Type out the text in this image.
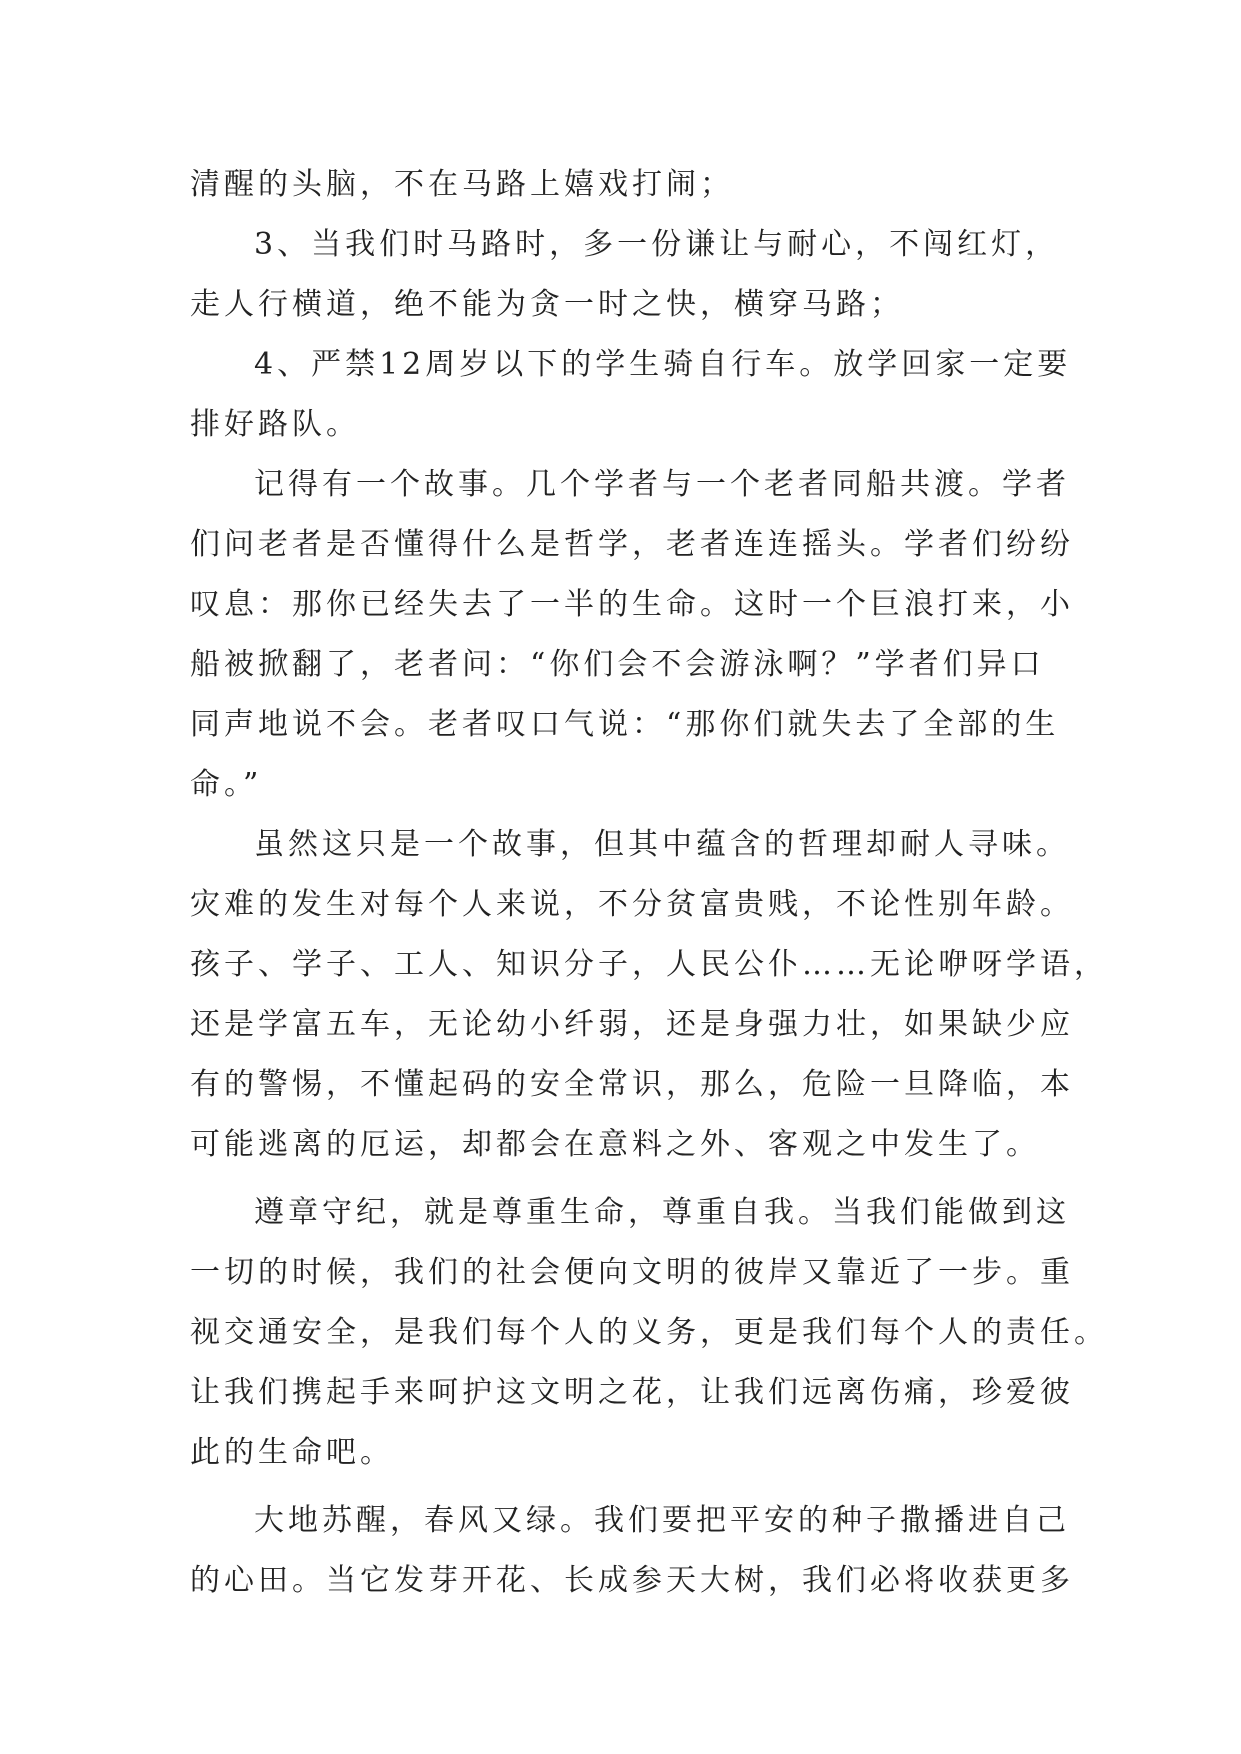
清醒的头脑，不在马路上嬉戏打闹；
3、当我们时马路时，多一份谦让与耐心，不闯红灯，
走人行横道，绝不能为贪一时之快，横穿马路；
4、严禁12周岁以下的学生骑自行车。放学回家一定要
排好路队。
记得有一个故事。几个学者与一个老者同船共渡。学者
们问老者是否懂得什么是哲学，老者连连摇头。学者们纷纷
叹息：那你已经失去了一半的生命。这时一个巨浪打来，小
船被掀翻了，老者问：“你们会不会游泳啊？”学者们异口
同声地说不会。老者叹口气说：“那你们就失去了全部的生
命。”
虽然这只是一个故事，但其中蕴含的哲理却耐人寻味。
灾难的发生对每个人来说，不分贫富贵贱，不论性别年龄。
孩子、学子、工人、知识分子，人民公仆……无论咿呀学语，
还是学富五车，无论幼小纤弱，还是身强力壮，如果缺少应
有的警惕，不懂起码的安全常识，那么，危险一旦降临，本
可能逃离的厄运，却都会在意料之外、客观之中发生了。
遵章守纪，就是尊重生命，尊重自我。当我们能做到这
一切的时候，我们的社会便向文明的彼岸又靠近了一步。重
视交通安全，是我们每个人的义务，更是我们每个人的责任。
让我们携起手来呵护这文明之花，让我们远离伤痛，珍爱彼
此的生命吧。
大地苏醒，春风又绿。我们要把平安的种子撒播进自己
的心田。当它发芽开花、长成参天大树，我们必将收获更多
